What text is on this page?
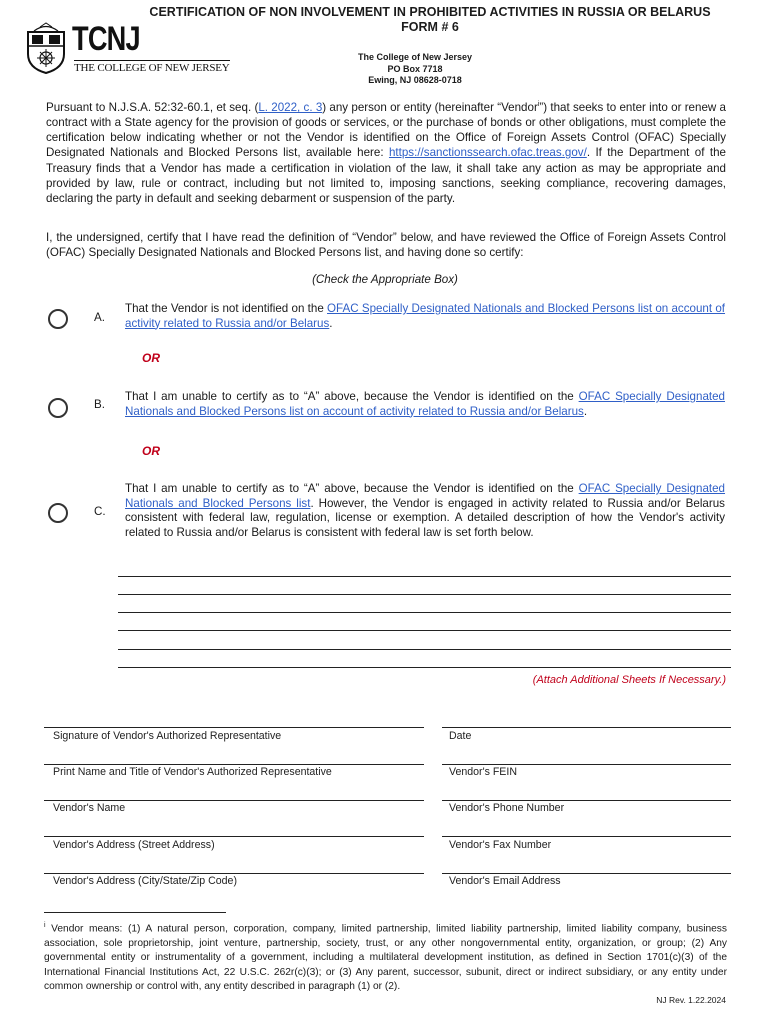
TCNJ
THE COLLEGE OF NEW JERSEY
CERTIFICATION OF NON INVOLVEMENT IN PROHIBITED ACTIVITIES IN RUSSIA OR BELARUS
FORM # 6
The College of New Jersey
PO Box 7718
Ewing, NJ 08628-0718
Pursuant to N.J.S.A. 52:32-60.1, et seq. (L. 2022, c. 3) any person or entity (hereinafter “Vendor$^i$”) that seeks to enter into or renew a contract with a State agency for the provision of goods or services, or the purchase of bonds or other obligations, must complete the certification below indicating whether or not the Vendor is identified on the Office of Foreign Assets Control (OFAC) Specially Designated Nationals and Blocked Persons list, available here: https://sanctionssearch.ofac.treas.gov/. If the Department of the Treasury finds that a Vendor has made a certification in violation of the law, it shall take any action as may be appropriate and provided by law, rule or contract, including but not limited to, imposing sanctions, seeking compliance, recovering damages, declaring the party in default and seeking debarment or suspension of the party.
I, the undersigned, certify that I have read the definition of “Vendor” below, and have reviewed the Office of Foreign Assets Control (OFAC) Specially Designated Nationals and Blocked Persons list, and having done so certify:
(Check the Appropriate Box)
A.
That the Vendor is not identified on the OFAC Specially Designated Nationals and Blocked Persons list on account of activity related to Russia and/or Belarus.
OR
B.
That I am unable to certify as to “A” above, because the Vendor is identified on the OFAC Specially Designated Nationals and Blocked Persons list on account of activity related to Russia and/or Belarus.
OR
C.
That I am unable to certify as to “A” above, because the Vendor is identified on the OFAC Specially Designated Nationals and Blocked Persons list. However, the Vendor is engaged in activity related to Russia and/or Belarus consistent with federal law, regulation, license or exemption. A detailed description of how the Vendor's activity related to Russia and/or Belarus is consistent with federal law is set forth below.
(Attach Additional Sheets If Necessary.)
Signature of Vendor's Authorized Representative	Date
Print Name and Title of Vendor's Authorized Representative	Vendor's FEIN
Vendor's Name	Vendor's Phone Number
Vendor's Address (Street Address)	Vendor's Fax Number
Vendor's Address (City/State/Zip Code)	Vendor's Email Address
$^i$ Vendor means: (1) A natural person, corporation, company, limited partnership, limited liability partnership, limited liability company, business association, sole proprietorship, joint venture, partnership, society, trust, or any other nongovernmental entity, organization, or group; (2) Any governmental entity or instrumentality of a government, including a multilateral development institution, as defined in Section 1701(c)(3) of the International Financial Institutions Act, 22 U.S.C. 262r(c)(3); or (3) Any parent, successor, subunit, direct or indirect subsidiary, or any entity under common ownership or control with, any entity described in paragraph (1) or (2).
NJ Rev. 1.22.2024
